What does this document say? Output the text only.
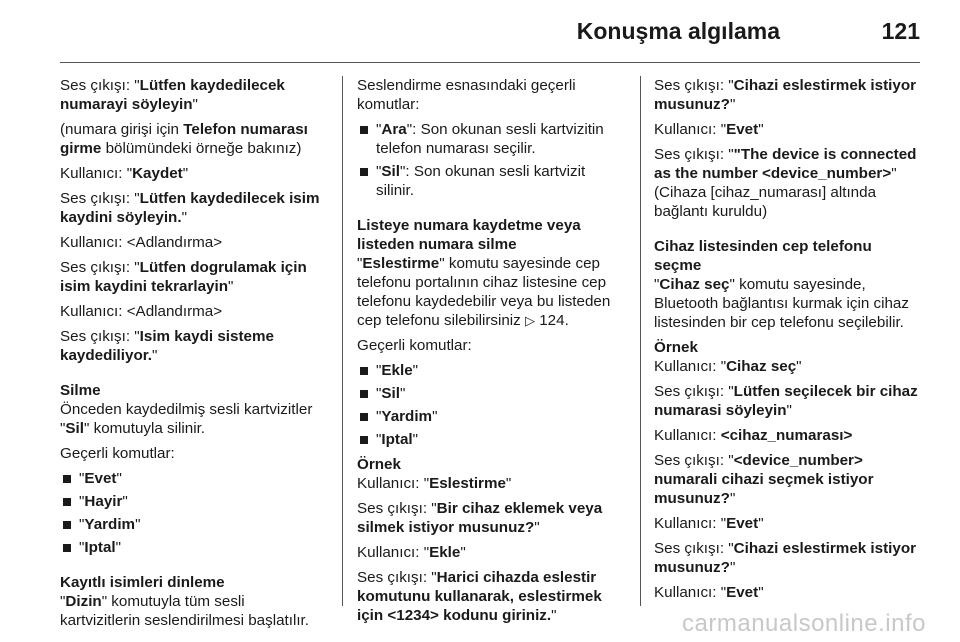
Konuşma algılama	121

Ses çıkışı: "Lütfen kaydedilecek numarayi söyleyin"

(numara girişi için Telefon numarası girme bölümündeki örneğe bakınız)

Kullanıcı: "Kaydet"

Ses çıkışı: "Lütfen kaydedilecek isim kaydini söyleyin."

Kullanıcı: <Adlandırma>

Ses çıkışı: "Lütfen dogrulamak için isim kaydini tekrarlayin"

Kullanıcı: <Adlandırma>

Ses çıkışı: "Isim kaydi sisteme kaydediliyor."

Silme

Önceden kaydedilmiş sesli kartvizitler "Sil" komutuyla silinir.

Geçerli komutlar:

"Evet"
"Hayir"
"Yardim"
"Iptal"
Kayıtlı isimleri dinleme

"Dizin" komutuyla tüm sesli kartvizitlerin seslendirilmesi başlatılır.

Seslendirme esnasındaki geçerli komutlar:

"Ara": Son okunan sesli kartvizitin telefon numarası seçilir.
"Sil": Son okunan sesli kartvizit silinir.
Listeye numara kaydetme veya listeden numara silme

"Eslestirme" komutu sayesinde cep telefonu portalının cihaz listesine cep telefonu kaydedebilir veya bu listeden cep telefonu silebilirsiniz ▷ 124.

Geçerli komutlar:

"Ekle"
"Sil"
"Yardim"
"Iptal"
Örnek

Kullanıcı: "Eslestirme"

Ses çıkışı: "Bir cihaz eklemek veya silmek istiyor musunuz?"

Kullanıcı: "Ekle"

Ses çıkışı: "Harici cihazda eslestir komutunu kullanarak, eslestirmek için <1234> kodunu giriniz."

Ses çıkışı: "Cihazi eslestirmek istiyor musunuz?"

Kullanıcı: "Evet"

Ses çıkışı: ""The device is connected as the number <device_number>" (Cihaza [cihaz_numarası] altında bağlantı kuruldu)

Cihaz listesinden cep telefonu seçme

"Cihaz seç" komutu sayesinde, Bluetooth bağlantısı kurmak için cihaz listesinden bir cep telefonu seçilebilir.

Örnek

Kullanıcı: "Cihaz seç"

Ses çıkışı: "Lütfen seçilecek bir cihaz numarasi söyleyin"

Kullanıcı: <cihaz_numarası>

Ses çıkışı: "<device_number> numarali cihazi seçmek istiyor musunuz?"

Kullanıcı: "Evet"

Ses çıkışı: "Cihazi eslestirmek istiyor musunuz?"

Kullanıcı: "Evet"

carmanualsonline.info
